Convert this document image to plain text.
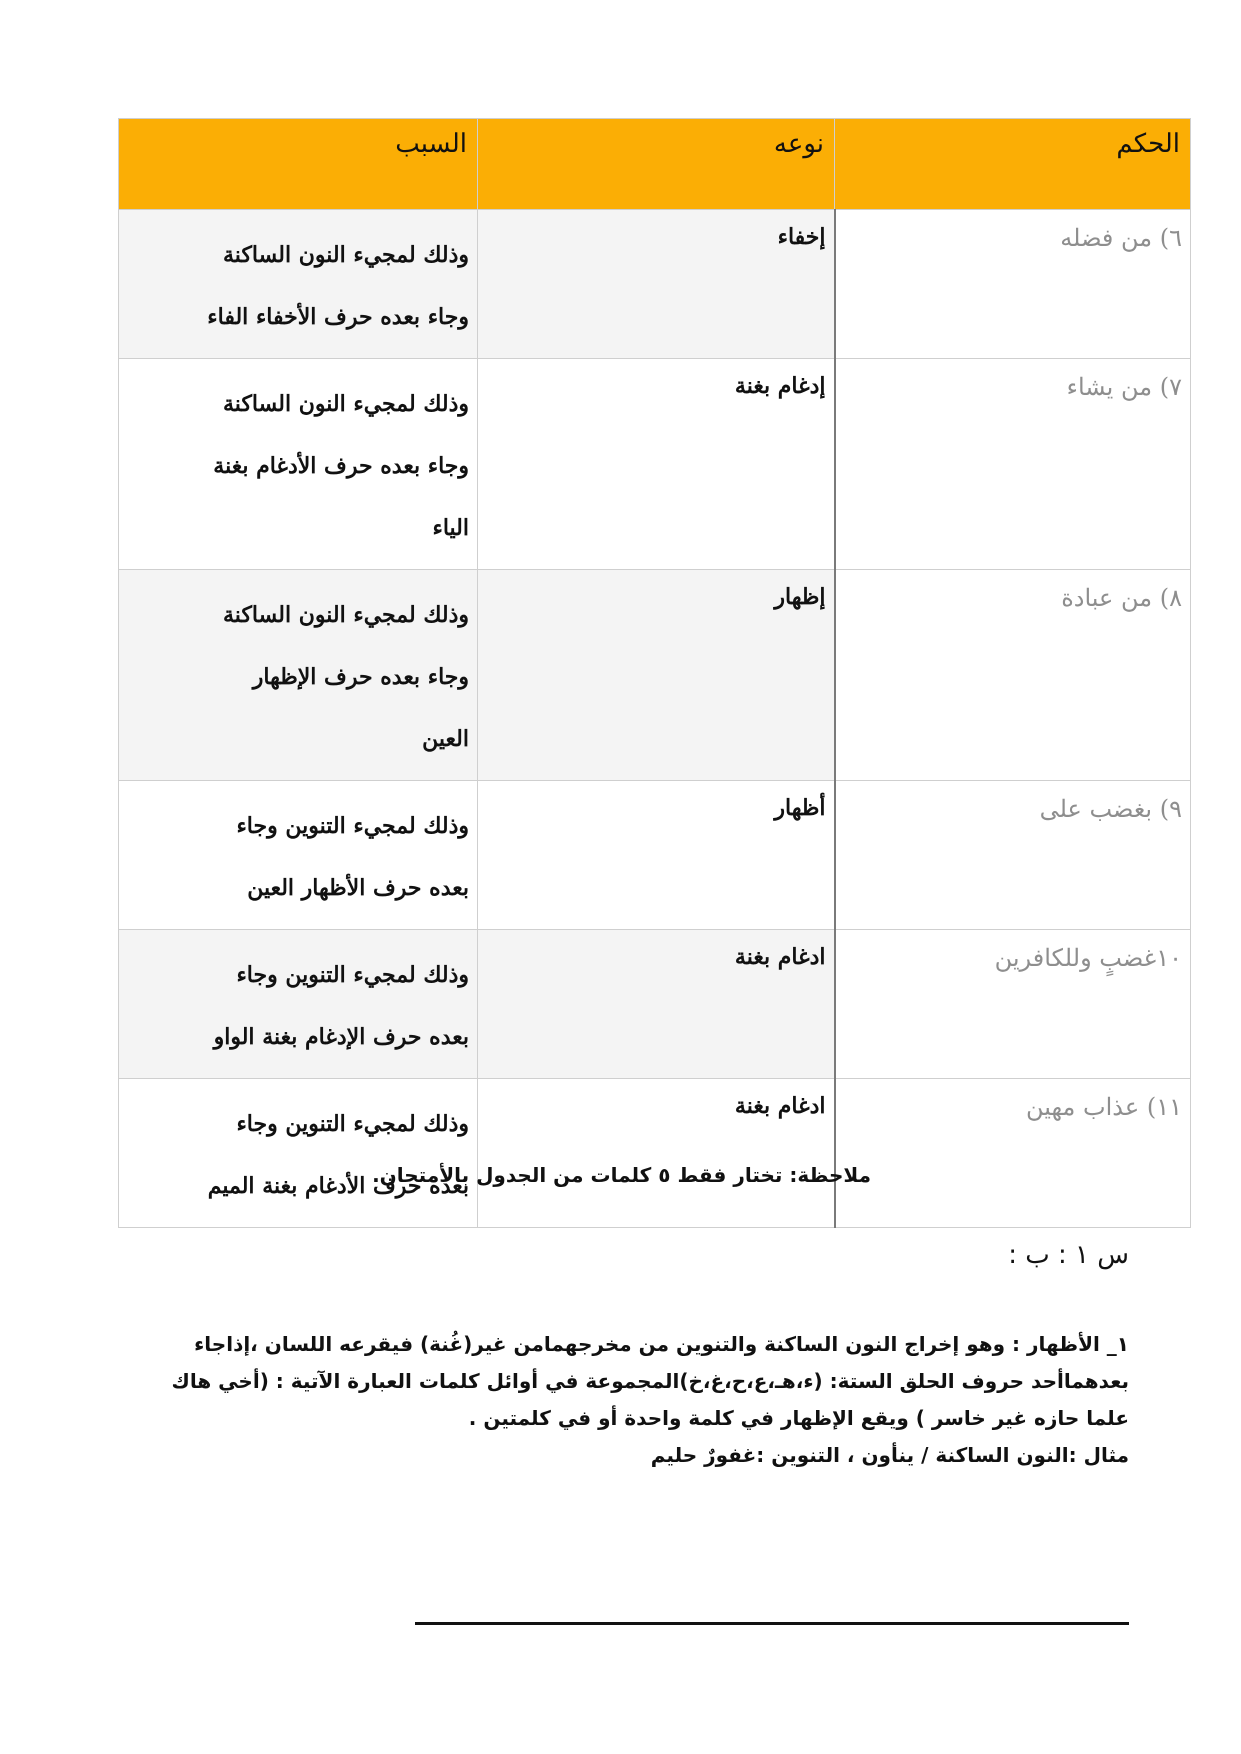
الحكم	نوعه	السبب
٦) من فضله	إخفاء	وذلك لمجيء النون الساكنة
وجاء بعده حرف الأخفاء الفاء

٧) من يشاء	إدغام بغنة	وذلك لمجيء النون الساكنة
وجاء بعده حرف الأدغام بغنة
الياء

٨) من عبادة	إظهار	وذلك لمجيء النون الساكنة
وجاء بعده حرف الإظهار
العين

٩) بغضب على	أظهار	وذلك لمجيء التنوين وجاء
بعده حرف الأظهار العين

١٠غضبٍ وللكافرين	ادغام بغنة	وذلك لمجيء التنوين وجاء
بعده حرف الإدغام بغنة الواو

١١) عذاب مهين	ادغام بغنة	وذلك لمجيء التنوين وجاء
بعده حرف الأدغام بغنة الميم
ملاحظة: تختار فقط ٥ كلمات من الجدول بالأمتحان.
س ١ : ب :
١_ الأظهار : وهو إخراج النون الساكنة والتنوين من مخرجهمامن غير(غُنة) فيقرعه اللسان ،إذاجاء
بعدهماأحد حروف الحلق الستة: (ء،هـ،ع،ح،غ،خ)المجموعة في أوائل كلمات العبارة الآتية : (أخي هاك
علما حازه غير خاسر ) ويقع الإظهار في كلمة واحدة أو في كلمتين .
مثال :النون الساكنة / ينأون ، التنوين :غفورٌ حليم
